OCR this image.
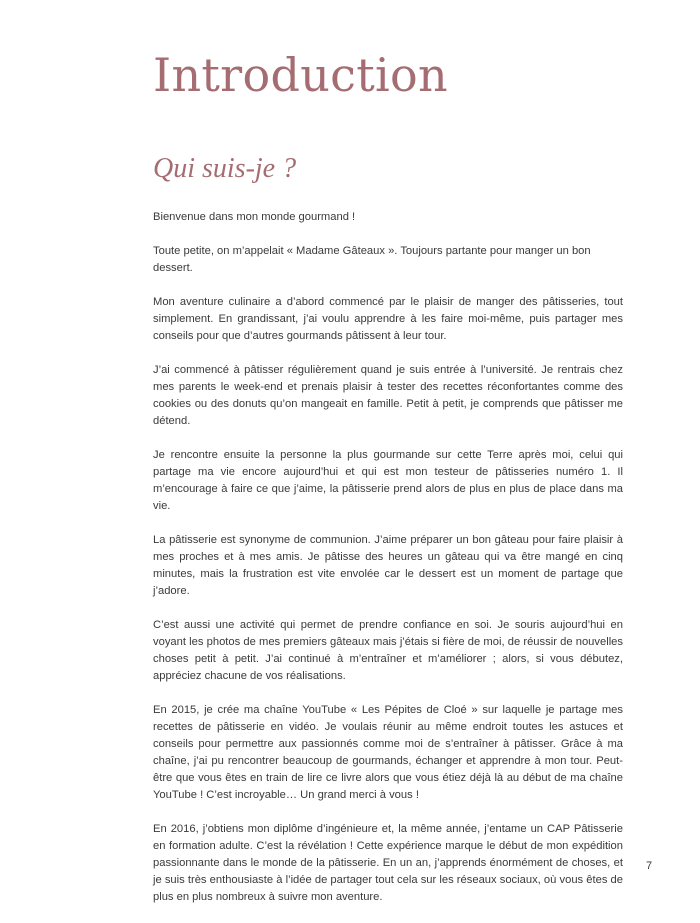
Introduction
Qui suis-je ?

Bienvenue dans mon monde gourmand !

Toute petite, on m’appelait « Madame Gâteaux ». Toujours partante pour manger un bon dessert.

Mon aventure culinaire a d’abord commencé par le plaisir de manger des pâtisseries, tout simplement. En grandissant, j’ai voulu apprendre à les faire moi-même, puis partager mes conseils pour que d’autres gourmands pâtissent à leur tour.

J’ai commencé à pâtisser régulièrement quand je suis entrée à l’université. Je rentrais chez mes parents le week-end et prenais plaisir à tester des recettes réconfortantes comme des cookies ou des donuts qu’on mangeait en famille. Petit à petit, je comprends que pâtisser me détend.

Je rencontre ensuite la personne la plus gourmande sur cette Terre après moi, celui qui partage ma vie encore aujourd’hui et qui est mon testeur de pâtisseries numéro 1. Il m’encourage à faire ce que j’aime, la pâtisserie prend alors de plus en plus de place dans ma vie.

La pâtisserie est synonyme de communion. J’aime préparer un bon gâteau pour faire plaisir à mes proches et à mes amis. Je pâtisse des heures un gâteau qui va être mangé en cinq minutes, mais la frustration est vite envolée car le dessert est un moment de partage que j’adore.

C’est aussi une activité qui permet de prendre confiance en soi. Je souris aujourd’hui en voyant les photos de mes premiers gâteaux mais j’étais si fière de moi, de réussir de nouvelles choses petit à petit. J’ai continué à m’entraîner et m’améliorer ; alors, si vous débutez, appréciez chacune de vos réalisations.

En 2015, je crée ma chaîne YouTube « Les Pépites de Cloé » sur laquelle je partage mes recettes de pâtisserie en vidéo. Je voulais réunir au même endroit toutes les astuces et conseils pour permettre aux passionnés comme moi de s’entraîner à pâtisser. Grâce à ma chaîne, j’ai pu rencontrer beaucoup de gourmands, échanger et apprendre à mon tour. Peut-être que vous êtes en train de lire ce livre alors que vous étiez déjà là au début de ma chaîne YouTube ! C’est incroyable… Un grand merci à vous !

En 2016, j’obtiens mon diplôme d’ingénieure et, la même année, j’entame un CAP Pâtisserie en formation adulte. C’est la révélation ! Cette expérience marque le début de mon expédition passionnante dans le monde de la pâtisserie. En un an, j’apprends énormément de choses, et je suis très enthousiaste à l’idée de partager tout cela sur les réseaux sociaux, où vous êtes de plus en plus nombreux à suivre mon aventure.

7
